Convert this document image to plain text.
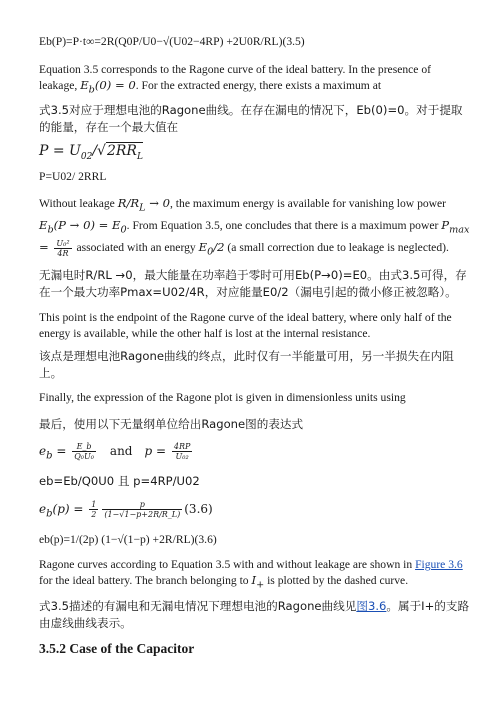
Eb(P)=P·t∞=2R(Q0P/U0−√(U02−4RP) +2U0R/RL)(3.5)

Equation 3.5 corresponds to the Ragone curve of the ideal battery. In the presence of leakage, $E_b(0) = 0$. For the extracted energy, there exists a maximum at

式3.5对应于理想电池的Ragone曲线。在存在漏电的情况下，Eb(0)=0。对于提取的能量，存在一个最大值在

$P = U_{02}/√2RR_L$

P=U02/ 2RRL

Without leakage $R/R_L \to 0$, the maximum energy is available for vanishing low power $E_b(P \to 0) = E_0$. From Equation 3.5, one concludes that there is a maximum power $P_{max} = \frac{\text{U₀²}}{4R}$ associated with an energy $E_0/2$ (a small correction due to leakage is neglected).

无漏电时R/RL →0，最大能量在功率趋于零时可用Eb(P→0)=E0。由式3.5可得，存在一个最大功率Pmax=U02/4R，对应能量E0/2（漏电引起的微小修正被忽略）。

This point is the endpoint of the Ragone curve of the ideal battery, where only half of the energy is available, while the other half is lost at the internal resistance.

该点是理想电池Ragone曲线的终点，此时仅有一半能量可用，另一半损失在内阻上。

Finally, the expression of the Ragone plot is given in dimensionless units using

最后，使用以下无量纲单位给出Ragone图的表达式

$e_b = \frac{E\_b}{\text{Q₀U₀}}$ and $p = \frac{4RP}{\text{U₀₂}}$

eb=Eb/Q0U0 且 p=4RP/U02

$e_b(p) = \frac{1}{2} \frac{p}{(1-√1-p+2R/R\_L)} (3.6)$

eb(p)=1/(2p) (1−√(1−p) +2R/RL)(3.6)

Ragone curves according to Equation 3.5 with and without leakage are shown in Figure 3.6 for the ideal battery. The branch belonging to $I_+$ is plotted by the dashed curve.

式3.5描述的有漏电和无漏电情况下理想电池的Ragone曲线见图3.6。属于I+的支路由虚线曲线表示。

3.5.2 Case of the Capacitor
